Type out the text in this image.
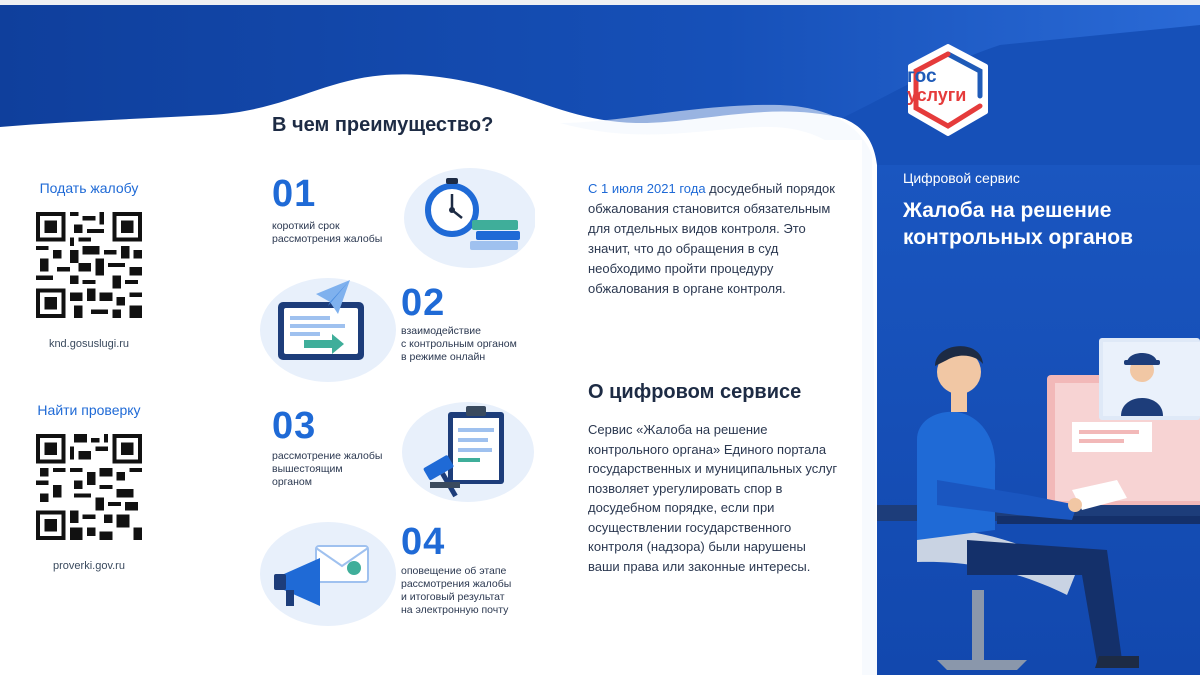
Подать жалобу
knd.gosuslugi.ru
Найти проверку
proverki.gov.ru
В чем преимущество?
01
короткий срок
рассмотрения жалобы
02
взаимодействие
с контрольным органом
в режиме онлайн
03
рассмотрение жалобы
вышестоящим
органом
04
оповещение об этапе
рассмотрения жалобы
и итоговый результат
на электронную почту
С 1 июля 2021 года досудебный порядок обжалования становится обязательным для отдельных видов контроля. Это значит, что до обращения в суд необходимо пройти процедуру обжалования в органе контроля.
О цифровом сервисе
Сервис «Жалоба на решение контрольного органа» Единого портала государственных и муниципальных услуг позволяет урегулировать спор в досудебном порядке, если при осуществлении государственного контроля (надзора) были нарушены ваши права или законные интересы.
гос
услуги
Цифровой сервис
Жалоба на решение контрольных органов
